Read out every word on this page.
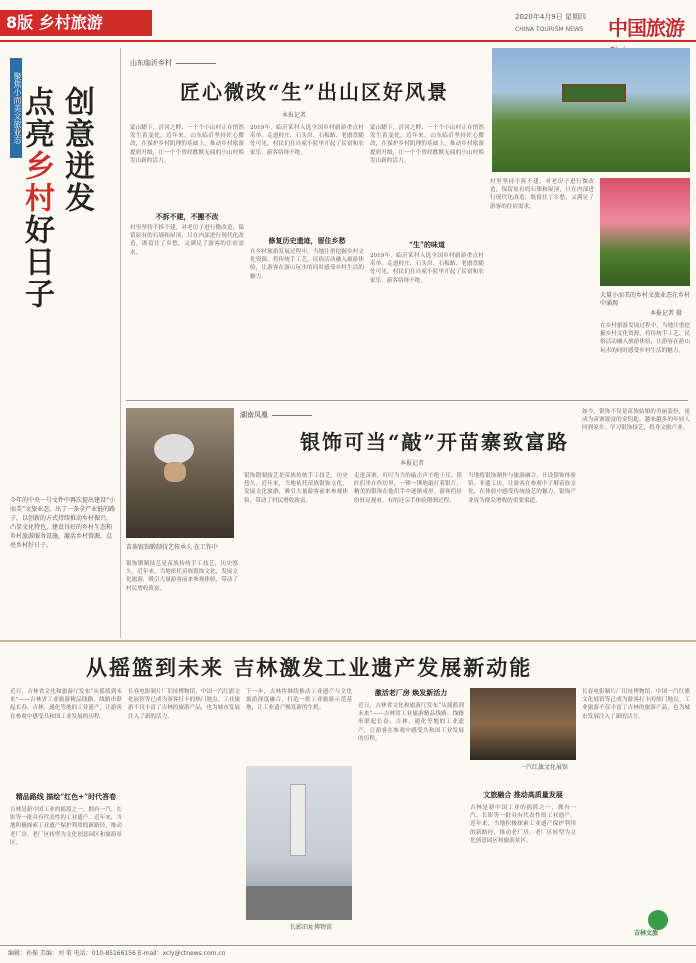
8版 乡村旅游	2020年4月9日 星期四
CHINA TOURISM NEWS 中国旅游
聚焦小而美文旅业态 创意迸发
点亮乡村好日子
今年的中央一号文件中再次提出建设“小而美”文旅业态，出了一条全产业链的路子，以创新的方式持续推动乡村振兴，凸显文化特色，建设良好的乡村生态和乡村旅游服务设施，激活乡村资源，点亮乡村好日子。
山东临沂乡村
匠心微改“生”出山区好风景
本报记者
蒙山脚下，沂河之畔，一个个小山村正在悄然发生着变化。近年来，山东临沂坚持匠心微改，在保护乡村肌理的基础上，推动乡村旅游提质升级，让一个个曾经默默无闻的小山村焕发出新的活力。
不拆不建，不搬不改
村里坚持不拆不建，对老房子进行微改造，保留原有的石墙和屋顶，只在内部进行现代化改造，既留住了乡愁，又满足了游客的住宿需求。
2019年，临沂某村入选全国乡村旅游重点村名单。走进村庄，石头房、石板路、老磨盘随处可见，村民们在自家小院里开起了民宿和农家乐，游客络绎不绝。
修复历史遗迹，留住乡愁
在乡村旅游发展过程中，当地注重挖掘乡村文化资源，将传统手工艺、民俗活动融入旅游体验，让游客在游山玩水的同时感受乡村生活的魅力。
蒙山脚下，沂河之畔，一个个小山村正在悄然发生着变化。近年来，山东临沂坚持匠心微改，在保护乡村肌理的基础上，推动乡村旅游提质升级，让一个个曾经默默无闻的小山村焕发出新的活力。
“生”的味道
2019年，临沂某村入选全国乡村旅游重点村名单。走进村庄，石头房、石板路、老磨盘随处可见，村民们在自家小院里开起了民宿和农家乐，游客络绎不绝。
村里坚持不拆不建，对老房子进行微改造，保留原有的石墙和屋顶，只在内部进行现代化改造，既留住了乡愁，又满足了游客的住宿需求。
大量小而美的乡村文旅业态在乡村中涌现
本报记者 摄
在乡村旅游发展过程中，当地注重挖掘乡村文化资源，将传统手工艺、民俗活动融入旅游体验，让游客在游山玩水的同时感受乡村生活的魅力。
湖南凤凰
银饰可当“敲”开苗寨致富路
本报记者
苗族银饰锻制技艺传承人 在工作中
银饰锻制技艺是苗族传统手工技艺，历史悠久。近年来，当地依托苗族银饰文化，发展文化旅游，吸引大量游客前来参观体验，带动了村民增收致富。
走进苗寨，叮叮当当的敲击声不绝于耳。银匠们坐在作坊里，一锤一锤地敲打着银片，精美的银饰在他们手中逐渐成形。游客们纷纷驻足观看，有的还亲手体验锻制过程。
当地将银饰制作与旅游融合，开设银饰体验馆、非遗工坊，让游客在参观中了解苗族文化，在体验中感受传统技艺的魅力，银饰产业成为群众增收的重要渠道。
如今，银饰不仅是苗族姑娘的美丽装扮，更成为苗寨致富的金钥匙。越来越多的年轻人回到家乡，学习银饰技艺，投身文旅产业。
银饰锻制技艺是苗族传统手工技艺，历史悠久。近年来，当地依托苗族银饰文化，发展文化旅游，吸引大量游客前来参观体验，带动了村民增收致富。
从摇篮到未来 吉林激发工业遗产发展新动能
近日，吉林省文化和旅游厅发布“从摇篮到未来”——吉林省工业旅游精品线路。线路串联起长春、吉林、通化等地的工业遗产，让游客在参观中感受共和国工业发展的历程。
精品路线 描绘“红色+”时代答卷
吉林是新中国工业的摇篮之一，拥有一汽、长影等一批具有代表性的工业遗产。近年来，当地积极探索工业遗产保护利用的新路径，推动老厂房、老厂区转型为文化创意园区和旅游景区。
长春电影制片厂旧址博物馆、中国一汽红旗文化展馆等已成为游客打卡的热门地点。工业旅游不仅丰富了吉林的旅游产品，也为城市发展注入了新的活力。
下一步，吉林将继续推动工业遗产与文化旅游深度融合，打造一批工业旅游示范基地，让工业遗产焕发新的生机。
长影旧址博物馆
激活老厂房 焕发新活力
近日，吉林省文化和旅游厅发布“从摇篮到未来”——吉林省工业旅游精品线路。线路串联起长春、吉林、通化等地的工业遗产，让游客在参观中感受共和国工业发展的历程。
一汽红旗文化展馆
文旅融合 推动高质量发展
吉林是新中国工业的摇篮之一，拥有一汽、长影等一批具有代表性的工业遗产。近年来，当地积极探索工业遗产保护利用的新路径，推动老厂房、老厂区转型为文化创意园区和旅游景区。
长春电影制片厂旧址博物馆、中国一汽红旗文化展馆等已成为游客打卡的热门地点。工业旅游不仅丰富了吉林的旅游产品，也为城市发展注入了新的活力。
吉林文旅
编辑：孙振 美编：刘 策 电话：010-85166156 E-mail：xcly@ctnews.com.cn
